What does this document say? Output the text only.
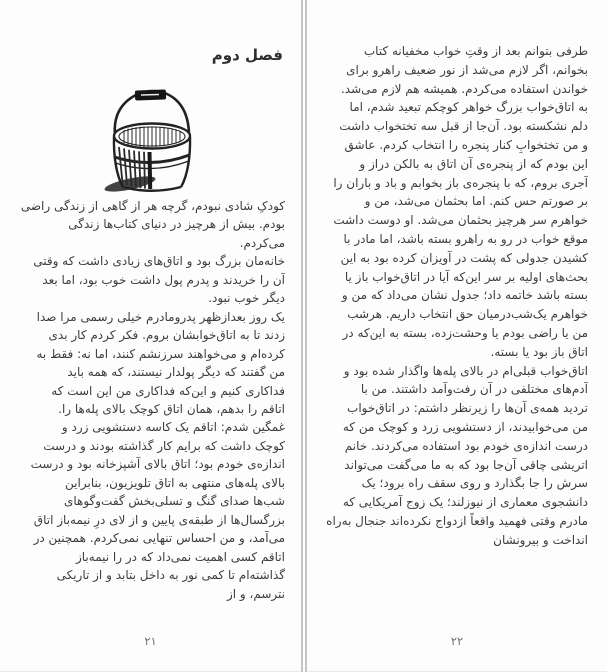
فصل دوم
کودکِ شادی نبودم، گرچه هر از گاهی از زندگی راضی
بودم. بیش از هرچیز در دنیای کتاب‌ها زندگی
می‌کردم.
خانه‌مان بزرگ بود و اتاق‌های زیادی داشت که وقتی
آن را خریدند و پدرم پول داشت خوب بود، اما بعد
دیگر خوب نبود.
یک روز بعدازظهر پدرومادرم خیلی رسمی مرا صدا
زدند تا به اتاق‌خوابشان بروم. فکر کردم کار بدی
کرده‌ام و می‌خواهند سرزنشم کنند، اما نه: فقط به
من گفتند که دیگر پولدار نیستند، که همه باید
فداکاری کنیم و این‌که فداکاری من این است که
اتاقم را بدهم، همان اتاق کوچک بالای پله‌ها را.
غمگین شدم: اتاقم یک کاسه دستشویی زرد و
کوچک داشت که برایم کار گذاشته بودند و درست
اندازه‌ی خودم بود؛ اتاق بالای آشپزخانه بود و درست
بالای پله‌های منتهی به اتاق تلویزیون، بنابراین
شب‌ها صدای گنگ و تسلی‌بخش گفت‌وگوهای
بزرگسال‌ها از طبقه‌ی پایین و از لای درِ نیمه‌باز اتاق
می‌آمد، و من احساس تنهایی نمی‌کردم. همچنین در
اتاقم کسی اهمیت نمی‌داد که در را نیمه‌باز
گذاشته‌ام تا کمی نور به داخل بتابد و از تاریکی
نترسم، و از
۲۱
طرفی بتوانم بعد از وقتِ خواب مخفیانه کتاب
بخوانم، اگر لازم می‌شد از نور ضعیف راهرو برای
خواندن استفاده می‌کردم. همیشه هم لازم می‌شد.
به اتاق‌خواب بزرگ خواهر کوچکم تبعید شدم، اما
دلم نشکسته بود. آن‌جا از قبل سه تختخواب داشت
و من تختخوابِ کنار پنجره را انتخاب کردم. عاشق
این بودم که از پنجره‌ی آن اتاق به بالکن دراز و
آجری بروم، که با پنجره‌ی باز بخوابم و باد و باران را
بر صورتم حس کنم. اما بحثمان می‌شد، من و
خواهرم سر هرچیز بحثمان می‌شد. او دوست داشت
موقع خواب در رو به راهرو بسته باشد، اما مادر با
کشیدن جدولی که پشت در آویزان کرده بود به این
بحث‌های اولیه بر سر این‌که آیا در اتاق‌خواب باز یا
بسته باشد خاتمه داد؛ جدول نشان می‌داد که من و
خواهرم یک‌شب‌درمیان حق انتخاب داریم. هرشب
من یا راضی بودم یا وحشت‌زده، بسته به این‌که در
اتاق باز بود یا بسته.
اتاق‌خواب قبلی‌ام در بالای پله‌ها واگذار شده بود و
آدم‌های مختلفی در آن رفت‌وآمد داشتند. من با
تردید همه‌ی آن‌ها را زیرنظر داشتم: در اتاق‌خواب
من می‌خوابیدند، از دستشویی زرد و کوچک من که
درست اندازه‌ی خودم بود استفاده می‌کردند. خانم
اتریشی چاقی آن‌جا بود که به ما می‌گفت می‌تواند
سرش را جا بگذارد و روی سقف راه برود؛ یک
دانشجوی معماری از نیوزلند؛ یک زوج آمریکایی که
مادرم وقتی فهمید واقعاً ازدواج نکرده‌اند جنجال به‌راه
انداخت و بیرونشان
۲۲
